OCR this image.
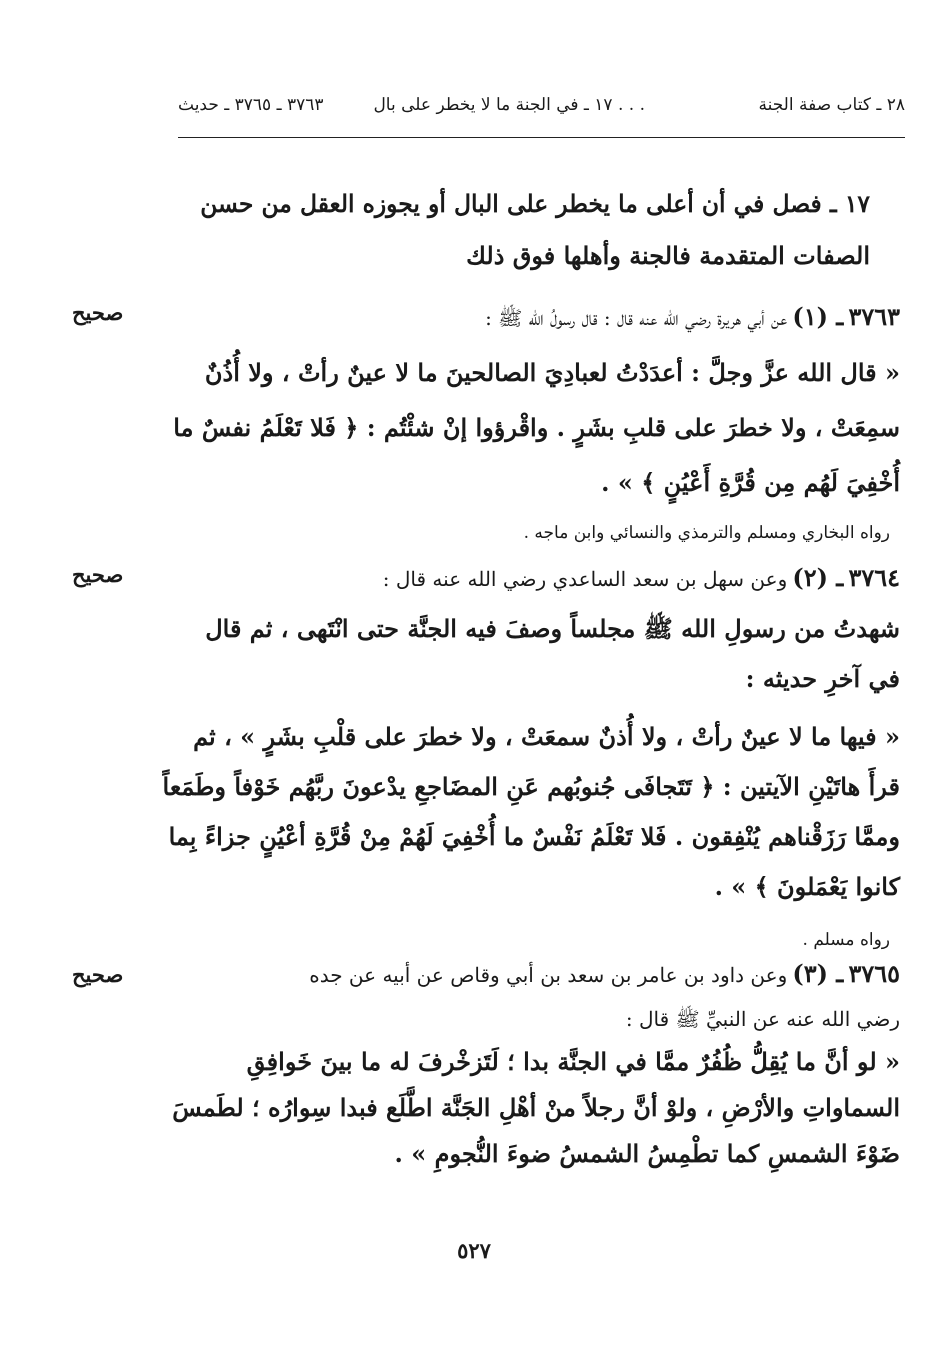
٢٨ ـ كتاب صفة الجنة
١٧ ـ في الجنة ما لا يخطر على بال . . .
٣٧٦٣ ـ ٣٧٦٥ ـ حديث
١٧ ـ فصل في أن أعلى ما يخطر على البال أو يجوزه العقل من حسن
الصفات المتقدمة فالجنة وأهلها فوق ذلك
صحيح	٣٧٦٣ ـ (١) عن أبي هريرة رضي الله عنه قال : قال رسولُ الله ﷺ :
« قال الله عزَّ وجلَّ : أعدَدْتُ لعبادِيَ الصالحينَ ما لا عينٌ رأتْ ، ولا أُذُنٌ
سمِعَتْ ، ولا خطرَ على قلبِ بشَرٍ . واقْرؤوا إنْ شئْتُم : ﴿ فَلا تَعْلَمُ نفسٌ ما
أُخْفِيَ لَهُم مِن قُرَّةِ أَعْيُنٍ ﴾ » .
رواه البخاري ومسلم والترمذي والنسائي وابن ماجه .
صحيح	٣٧٦٤ ـ (٢) وعن سهل بن سعد الساعدي رضي الله عنه قال :
شهدتُ من رسولِ الله ﷺ مجلساً وصفَ فيه الجنَّة حتى انْتَهى ، ثم قال
في آخرِ حديثه :
« فيها ما لا عينٌ رأتْ ، ولا أُذنٌ سمعَتْ ، ولا خطرَ على قلْبِ بشَرٍ » ، ثم
قرأَ هاتَيْنِ الآيتين : ﴿ تَتَجافَى جُنوبُهم عَنِ المضَاجعِ يدْعونَ ربَّهُم خَوْفاً وطَمَعاً
وممَّا رَزَقْناهم يُنْفِقون . فَلا تَعْلَمُ نَفْسٌ ما أُخْفِيَ لَهُمْ مِنْ قُرَّةِ أعْيُنٍ جزاءً بِما
كانوا يَعْمَلونَ ﴾ » .
رواه مسلم .
صحيح	٣٧٦٥ ـ (٣) وعن داود بن عامر بن سعد بن أبي وقاص عن أبيه عن جده
رضي الله عنه عن النبيِّ ﷺ قال :
« لو أنَّ ما يُقِلُّ ظُفُرٌ ممَّا في الجنَّة بدا ؛ لَتَزخْرفَ له ما بينَ خَوافِقِ
السماواتِ والأرْضِ ، ولوْ أنَّ رجلاً منْ أهْلِ الجَنَّة اطَّلَع فبدا سِوارُه ؛ لطَمسَ
ضَوْءَ الشمسِ كما تطْمِسُ الشمسُ ضوءَ النُّجومِ » .
٥٢٧
